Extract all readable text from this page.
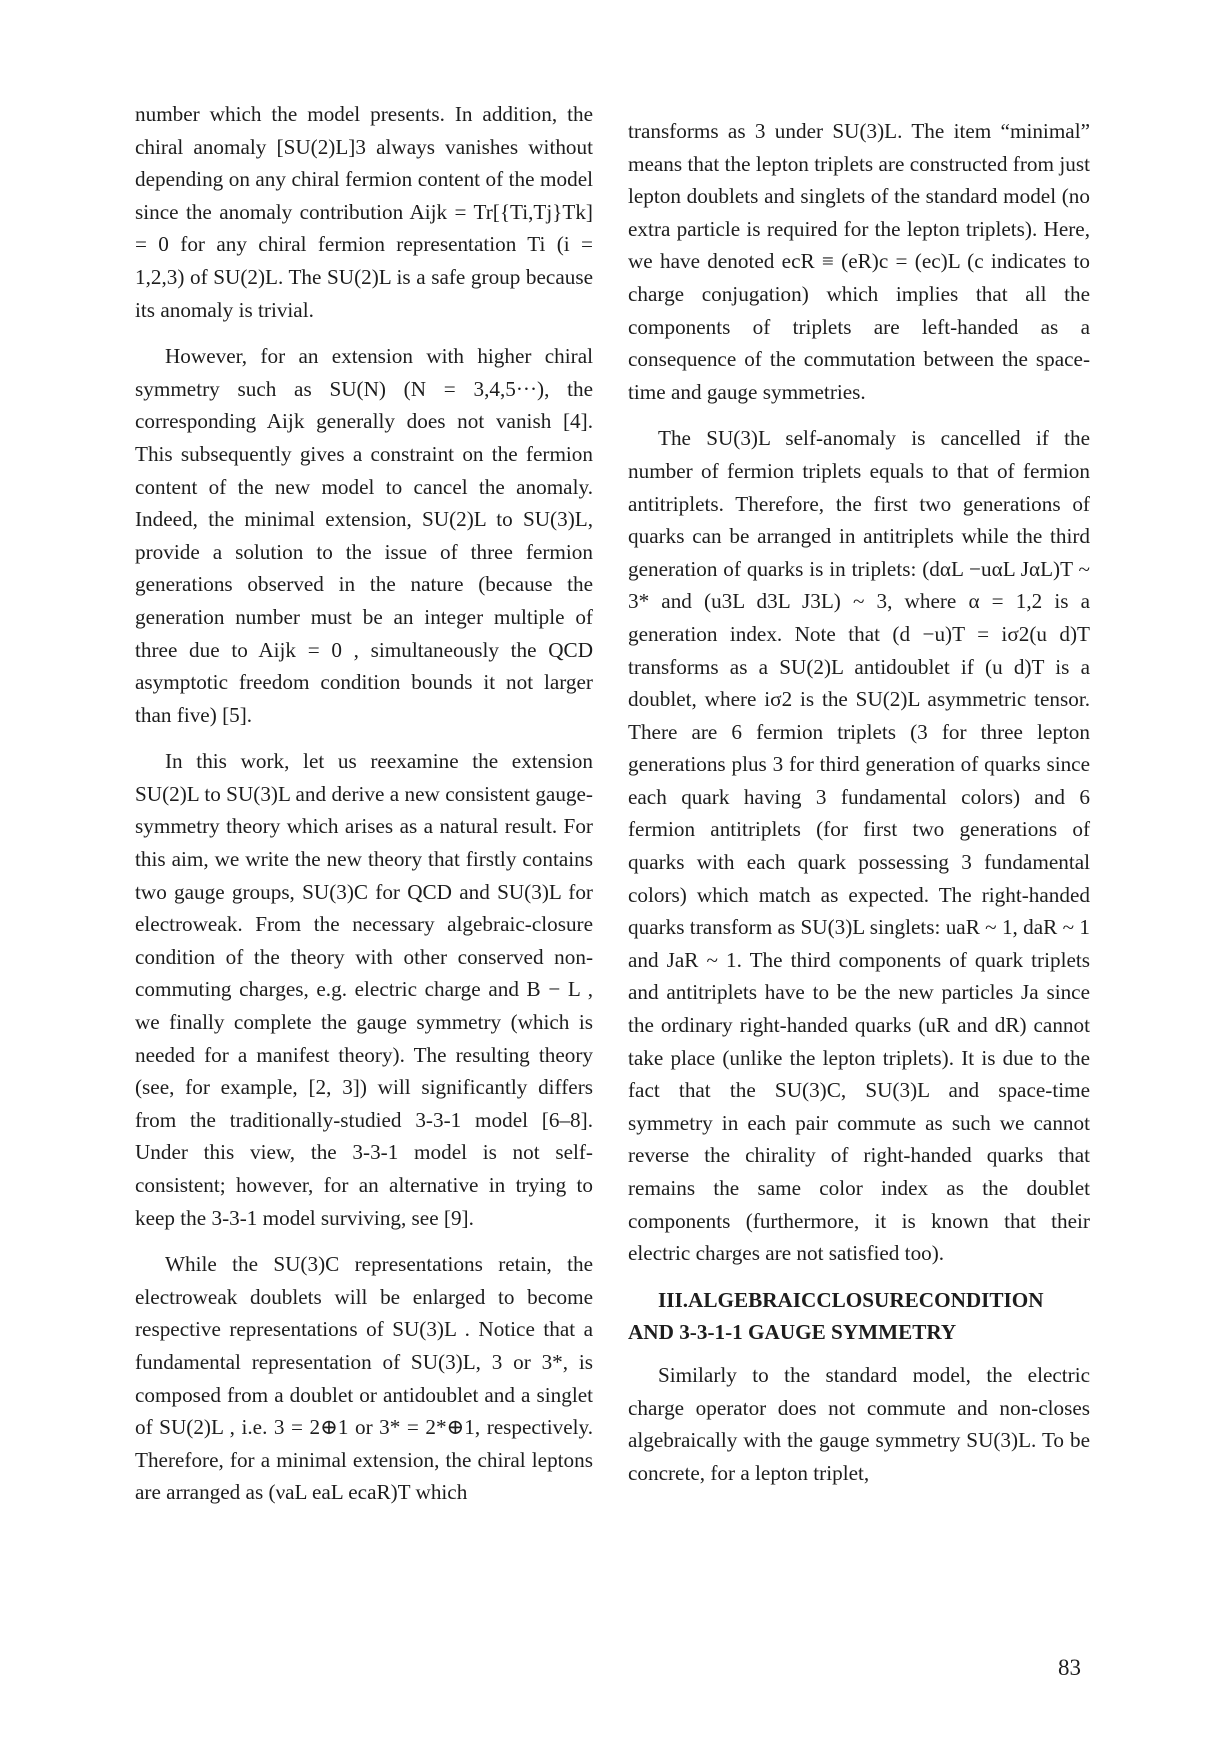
number which the model presents. In addition, the chiral anomaly [SU(2)L]3 always vanishes without depending on any chiral fermion content of the model since the anomaly contribution Aijk = Tr[{Ti,Tj}Tk] = 0 for any chiral fermion representation Ti (i = 1,2,3) of SU(2)L. The SU(2)L is a safe group because its anomaly is trivial.

However, for an extension with higher chiral symmetry such as SU(N) (N = 3,4,5···), the corresponding Aijk generally does not vanish [4]. This subsequently gives a constraint on the fermion content of the new model to cancel the anomaly. Indeed, the minimal extension, SU(2)L to SU(3)L, provide a solution to the issue of three fermion generations observed in the nature (because the generation number must be an integer multiple of three due to Aijk = 0 , simultaneously the QCD asymptotic freedom condition bounds it not larger than five) [5].

In this work, let us reexamine the extension SU(2)L to SU(3)L and derive a new consistent gauge-symmetry theory which arises as a natural result. For this aim, we write the new theory that firstly contains two gauge groups, SU(3)C for QCD and SU(3)L for electroweak. From the necessary algebraic-closure condition of the theory with other conserved non-commuting charges, e.g. electric charge and B − L , we finally complete the gauge symmetry (which is needed for a manifest theory). The resulting theory (see, for example, [2, 3]) will significantly differs from the traditionally-studied 3-3-1 model [6–8]. Under this view, the 3-3-1 model is not self-consistent; however, for an alternative in trying to keep the 3-3-1 model surviving, see [9].

While the SU(3)C representations retain, the electroweak doublets will be enlarged to become respective representations of SU(3)L . Notice that a fundamental representation of SU(3)L, 3 or 3*, is composed from a doublet or antidoublet and a singlet of SU(2)L , i.e. 3 = 2⊕1 or 3* = 2*⊕1, respectively. Therefore, for a minimal extension, the chiral leptons are arranged as (νaL eaL ecaR)T which

transforms as 3 under SU(3)L. The item “minimal” means that the lepton triplets are constructed from just lepton doublets and singlets of the standard model (no extra particle is required for the lepton triplets). Here, we have denoted ecR ≡ (eR)c = (ec)L (c indicates to charge conjugation) which implies that all the components of triplets are left-handed as a consequence of the commutation between the space-time and gauge symmetries.

The SU(3)L self-anomaly is cancelled if the number of fermion triplets equals to that of fermion antitriplets. Therefore, the first two generations of quarks can be arranged in antitriplets while the third generation of quarks is in triplets: (dαL −uαL JαL)T ~ 3* and (u3L d3L J3L) ~ 3, where α = 1,2 is a generation index. Note that (d −u)T = iσ2(u d)T transforms as a SU(2)L antidoublet if (u d)T is a doublet, where iσ2 is the SU(2)L asymmetric tensor. There are 6 fermion triplets (3 for three lepton generations plus 3 for third generation of quarks since each quark having 3 fundamental colors) and 6 fermion antitriplets (for first two generations of quarks with each quark possessing 3 fundamental colors) which match as expected. The right-handed quarks transform as SU(3)L singlets: uaR ~ 1, daR ~ 1 and JaR ~ 1. The third components of quark triplets and antitriplets have to be the new particles Ja since the ordinary right-handed quarks (uR and dR) cannot take place (unlike the lepton triplets). It is due to the fact that the SU(3)C, SU(3)L and space-time symmetry in each pair commute as such we cannot reverse the chirality of right-handed quarks that remains the same color index as the doublet components (furthermore, it is known that their electric charges are not satisfied too).

III.ALGEBRAICCLOSURECONDITION AND 3-3-1-1 GAUGE SYMMETRY

Similarly to the standard model, the electric charge operator does not commute and non-closes algebraically with the gauge symmetry SU(3)L. To be concrete, for a lepton triplet,

83
